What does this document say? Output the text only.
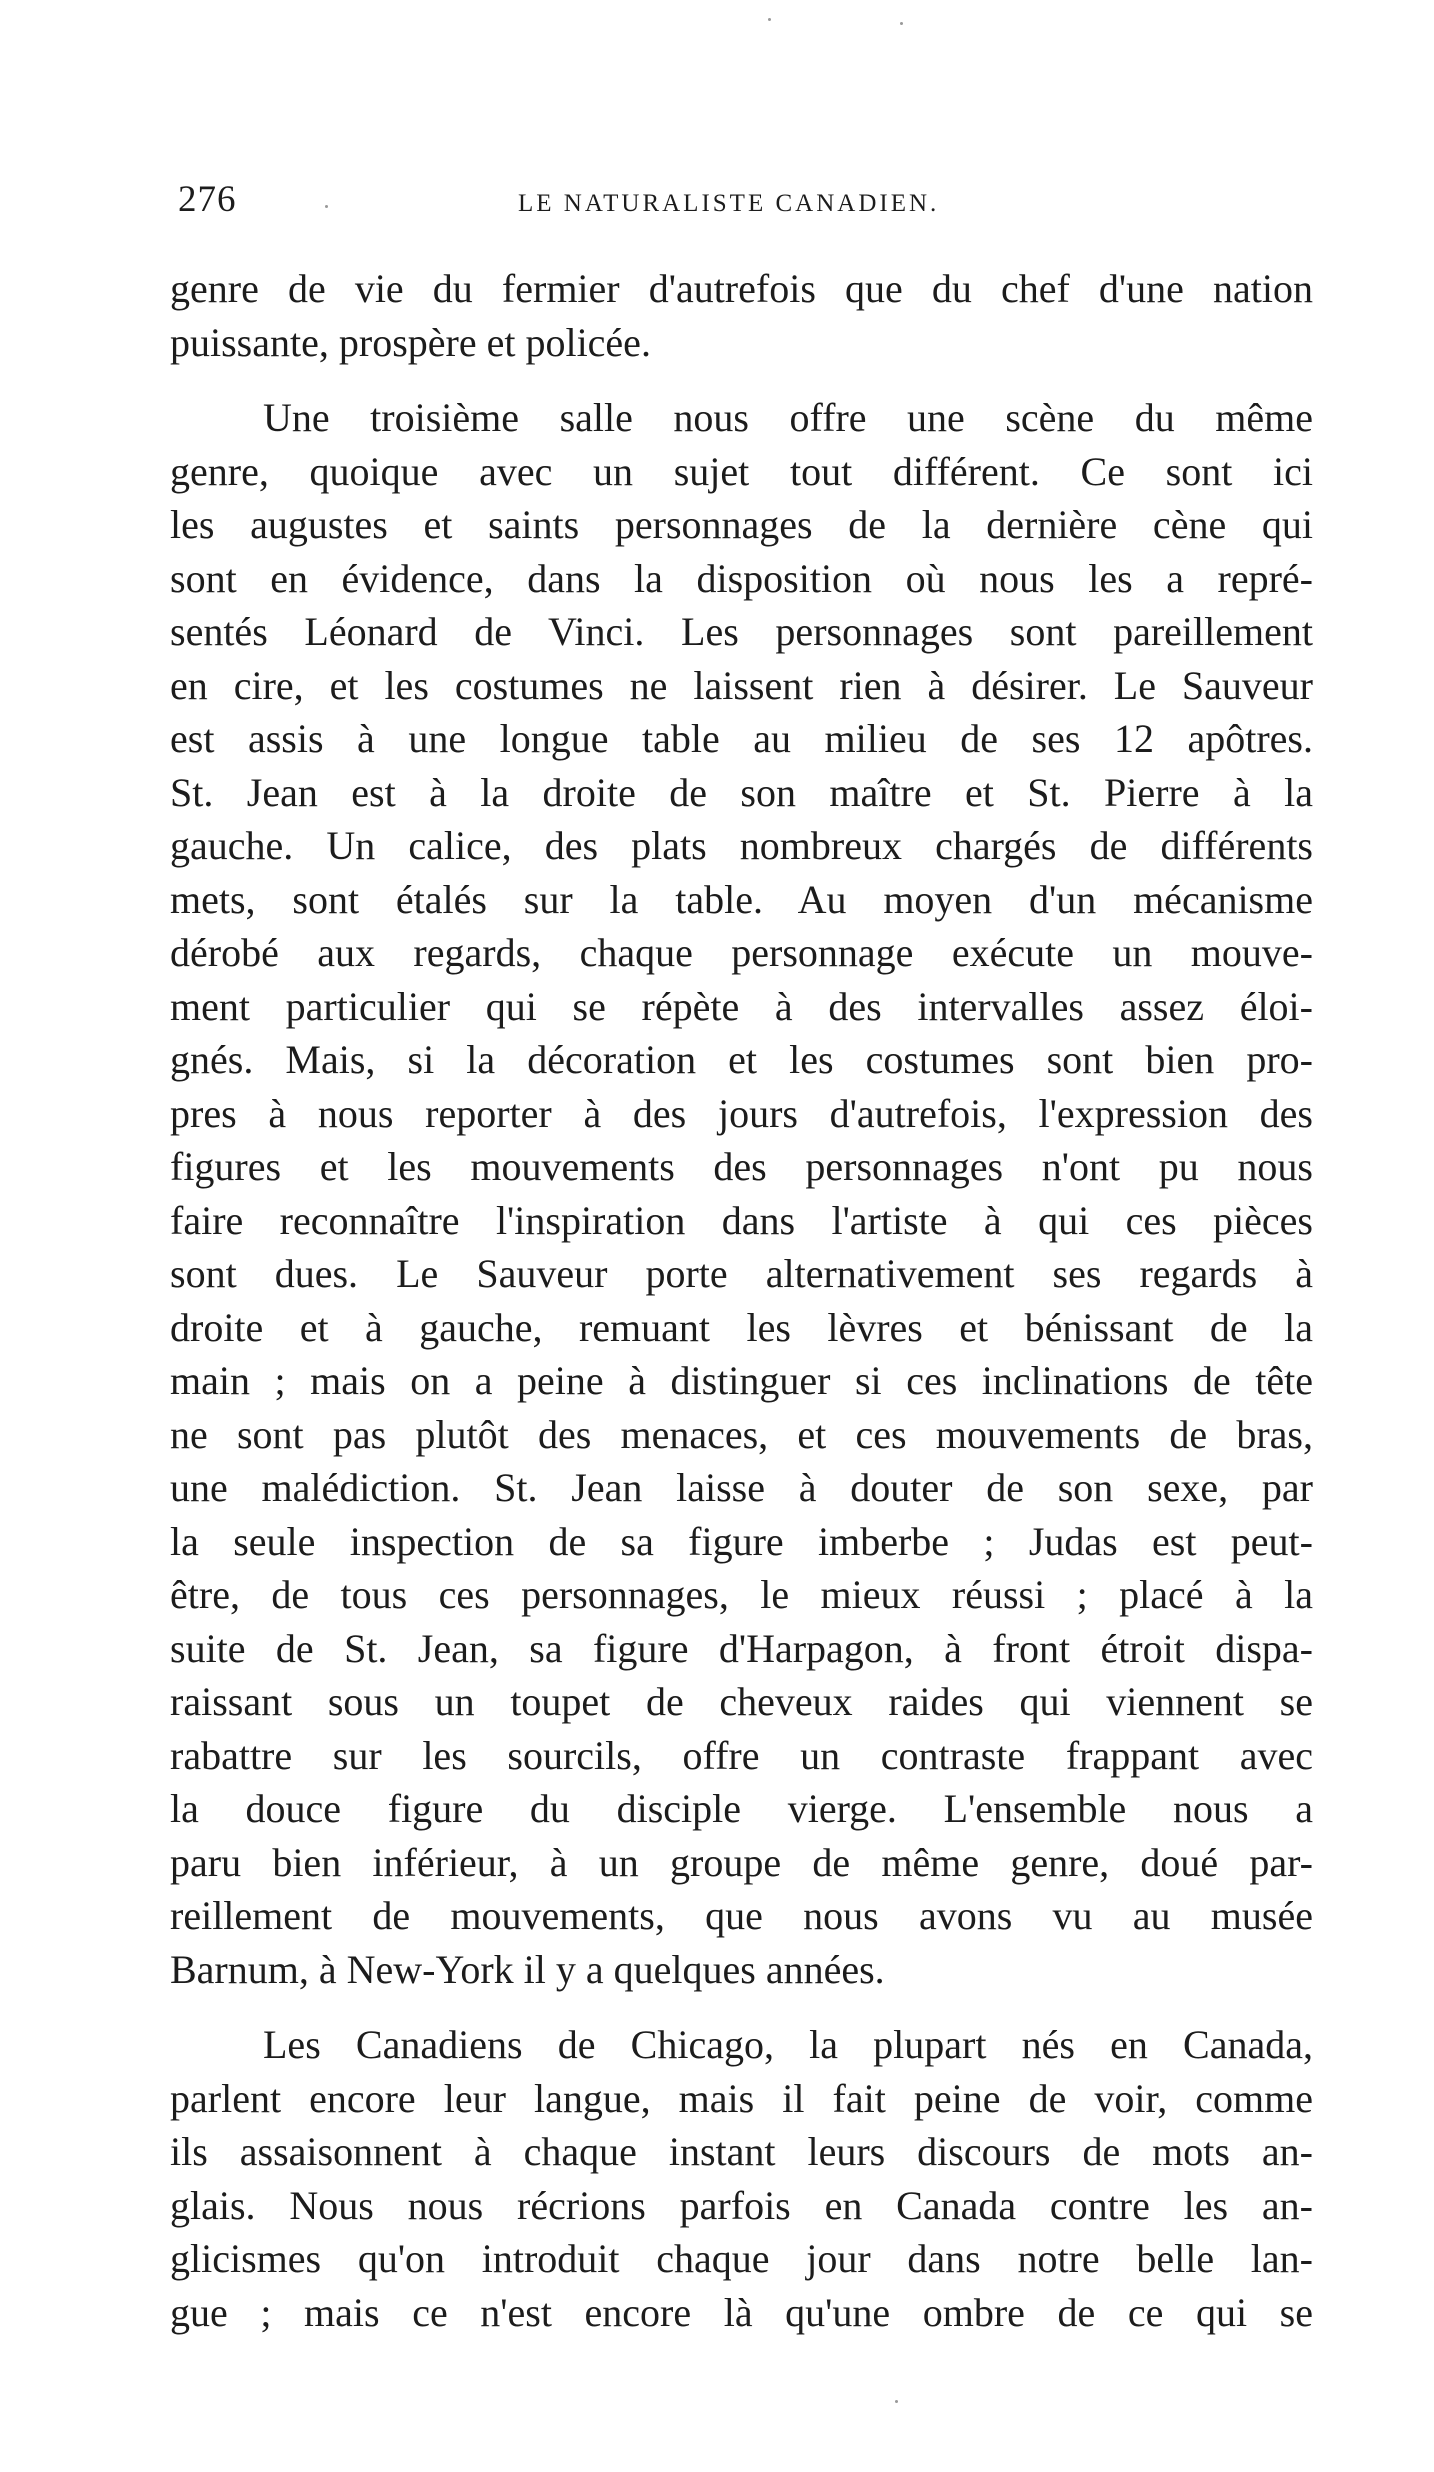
276	LE NATURALISTE CANADIEN.
genre de vie du fermier d'autrefois que du chef d'une nation
puissante, prospère et policée.
Une troisième salle nous offre une scène du même
genre, quoique avec un sujet tout différent. Ce sont ici
les augustes et saints personnages de la dernière cène qui
sont en évidence, dans la disposition où nous les a repré-
sentés Léonard de Vinci. Les personnages sont pareillement
en cire, et les costumes ne laissent rien à désirer. Le Sauveur
est assis à une longue table au milieu de ses 12 apôtres.
St. Jean est à la droite de son maître et St. Pierre à la
gauche. Un calice, des plats nombreux chargés de différents
mets, sont étalés sur la table. Au moyen d'un mécanisme
dérobé aux regards, chaque personnage exécute un mouve-
ment particulier qui se répète à des intervalles assez éloi-
gnés. Mais, si la décoration et les costumes sont bien pro-
pres à nous reporter à des jours d'autrefois, l'expression des
figures et les mouvements des personnages n'ont pu nous
faire reconnaître l'inspiration dans l'artiste à qui ces pièces
sont dues. Le Sauveur porte alternativement ses regards à
droite et à gauche, remuant les lèvres et bénissant de la
main ; mais on a peine à distinguer si ces inclinations de tête
ne sont pas plutôt des menaces, et ces mouvements de bras,
une malédiction. St. Jean laisse à douter de son sexe, par
la seule inspection de sa figure imberbe ; Judas est peut-
être, de tous ces personnages, le mieux réussi ; placé à la
suite de St. Jean, sa figure d'Harpagon, à front étroit dispa-
raissant sous un toupet de cheveux raides qui viennent se
rabattre sur les sourcils, offre un contraste frappant avec
la douce figure du disciple vierge. L'ensemble nous a
paru bien inférieur, à un groupe de même genre, doué par-
reillement de mouvements, que nous avons vu au musée
Barnum, à New-York il y a quelques années.
Les Canadiens de Chicago, la plupart nés en Canada,
parlent encore leur langue, mais il fait peine de voir, comme
ils assaisonnent à chaque instant leurs discours de mots an-
glais. Nous nous récrions parfois en Canada contre les an-
glicismes qu'on introduit chaque jour dans notre belle lan-
gue ; mais ce n'est encore là qu'une ombre de ce qui se
